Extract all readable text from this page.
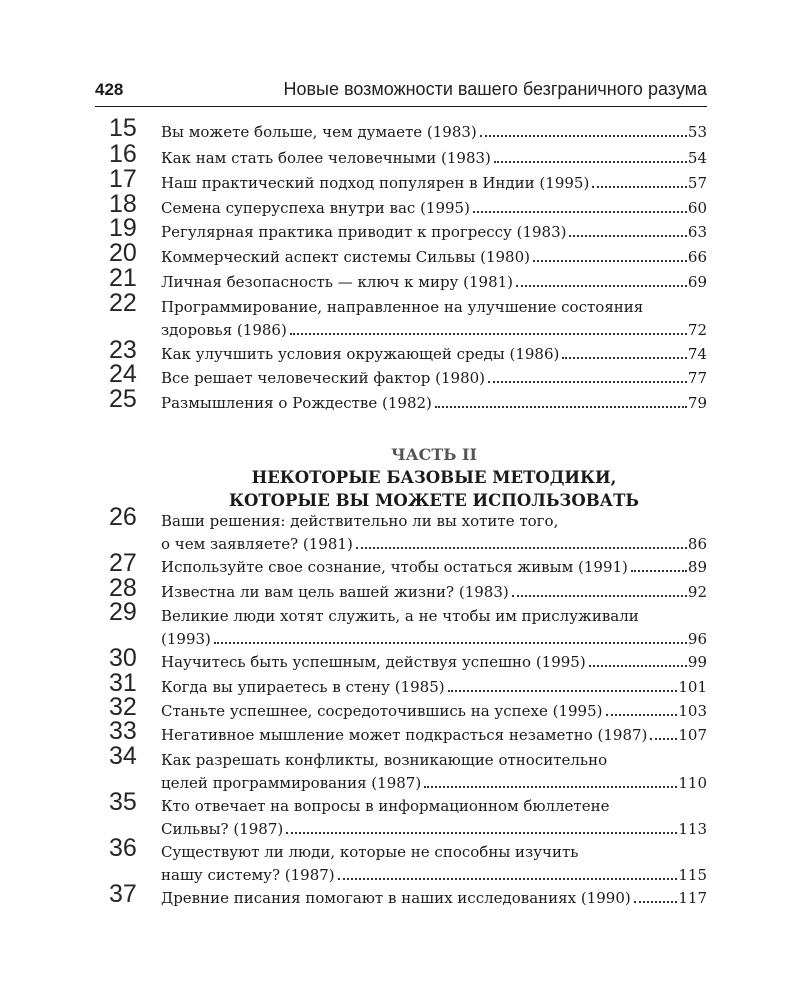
428	Новые возможности вашего безграничного разума
15	Вы можете больше, чем думаете (1983)	53
16	Как нам стать более человечными (1983)	54
17	Наш практический подход популярен в Индии (1995)	57
18	Семена суперуспеха внутри вас (1995)	60
19	Регулярная практика приводит к прогрессу (1983)	63
20	Коммерческий аспект системы Сильвы (1980)	66
21	Личная безопасность — ключ к миру (1981)	69
22	Программирование, направленное на улучшение состояния
здоровья (1986)	72
23	Как улучшить условия окружающей среды (1986)	74
24	Все решает человеческий фактор (1980)	77
25	Размышления о Рождестве (1982)	79
ЧАСТЬ II
НЕКОТОРЫЕ БАЗОВЫЕ МЕТОДИКИ,
КОТОРЫЕ ВЫ МОЖЕТЕ ИСПОЛЬЗОВАТЬ
26	Ваши решения: действительно ли вы хотите того,
о чем заявляете? (1981)	86
27	Используйте свое сознание, чтобы остаться живым (1991)	89
28	Известна ли вам цель вашей жизни? (1983)	92
29	Великие люди хотят служить, а не чтобы им прислуживали
(1993)	96
30	Научитесь быть успешным, действуя успешно (1995)	99
31	Когда вы упираетесь в стену (1985)	101
32	Станьте успешнее, сосредоточившись на успехе (1995)	103
33	Негативное мышление может подкрасться незаметно (1987) 107
34	Как разрешать конфликты, возникающие относительно
целей программирования (1987)	110
35	Кто отвечает на вопросы в информационном бюллетене
Сильвы? (1987)	113
36	Существуют ли люди, которые не способны изучить
нашу систему? (1987)	115
37	Древние писания помогают в наших исследованиях (1990)	117
